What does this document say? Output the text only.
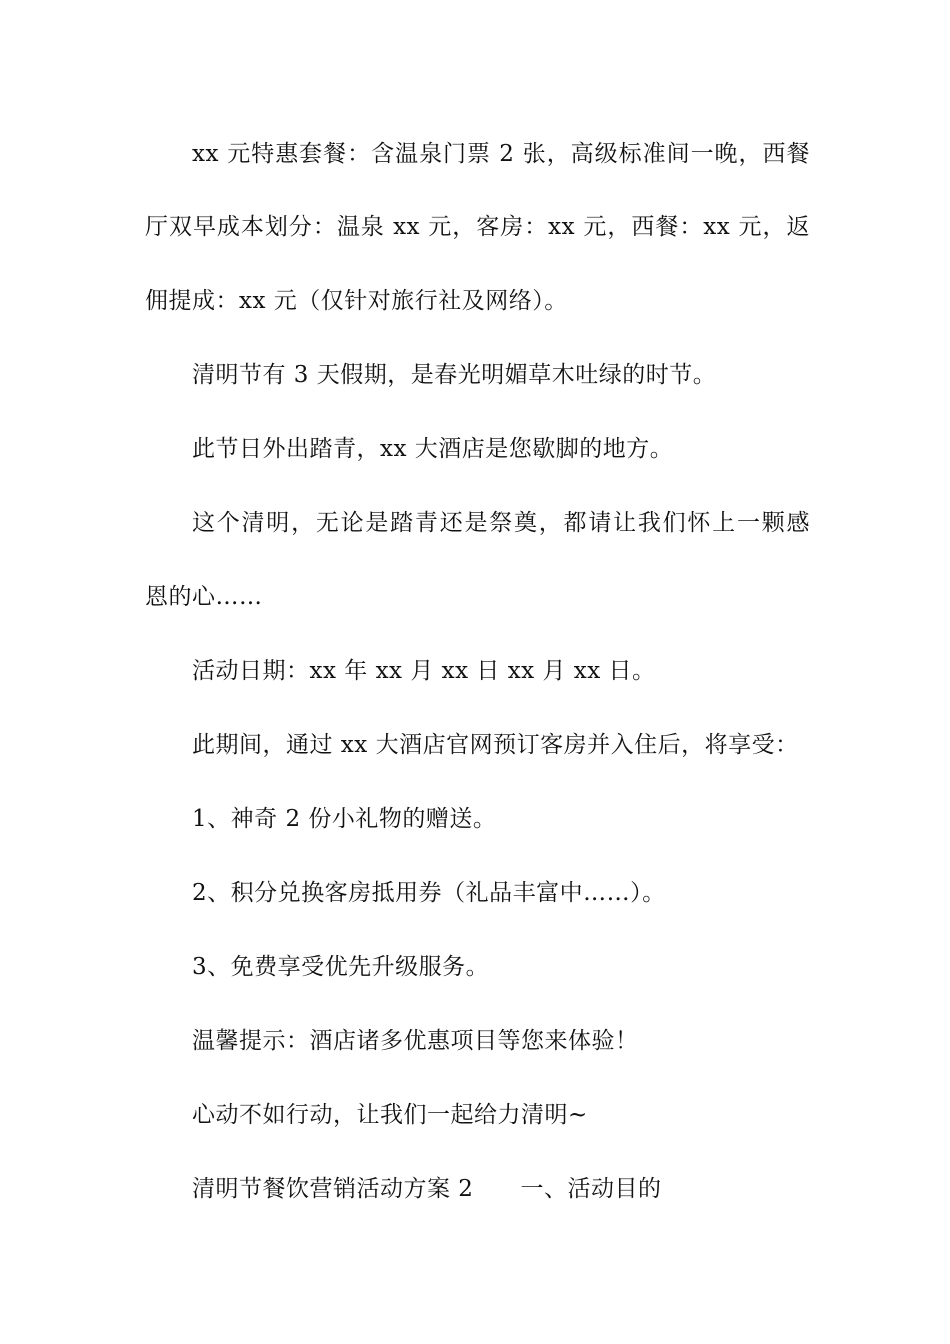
xx 元特惠套餐：含温泉门票 2 张，高级标准间一晚，西餐
厅双早成本划分：温泉 xx 元，客房：xx 元，西餐：xx 元，返
佣提成：xx 元（仅针对旅行社及网络）。
清明节有 3 天假期，是春光明媚草木吐绿的时节。
此节日外出踏青，xx 大酒店是您歇脚的地方。
这个清明，无论是踏青还是祭奠，都请让我们怀上一颗感
恩的心……
活动日期：xx 年 xx 月 xx 日 xx 月 xx 日。
此期间，通过 xx 大酒店官网预订客房并入住后，将享受：
1、神奇 2 份小礼物的赠送。
2、积分兑换客房抵用券（礼品丰富中……）。
3、免费享受优先升级服务。
温馨提示：酒店诸多优惠项目等您来体验！
心动不如行动，让我们一起给力清明~
清明节餐饮营销活动方案 2　　一、活动目的
